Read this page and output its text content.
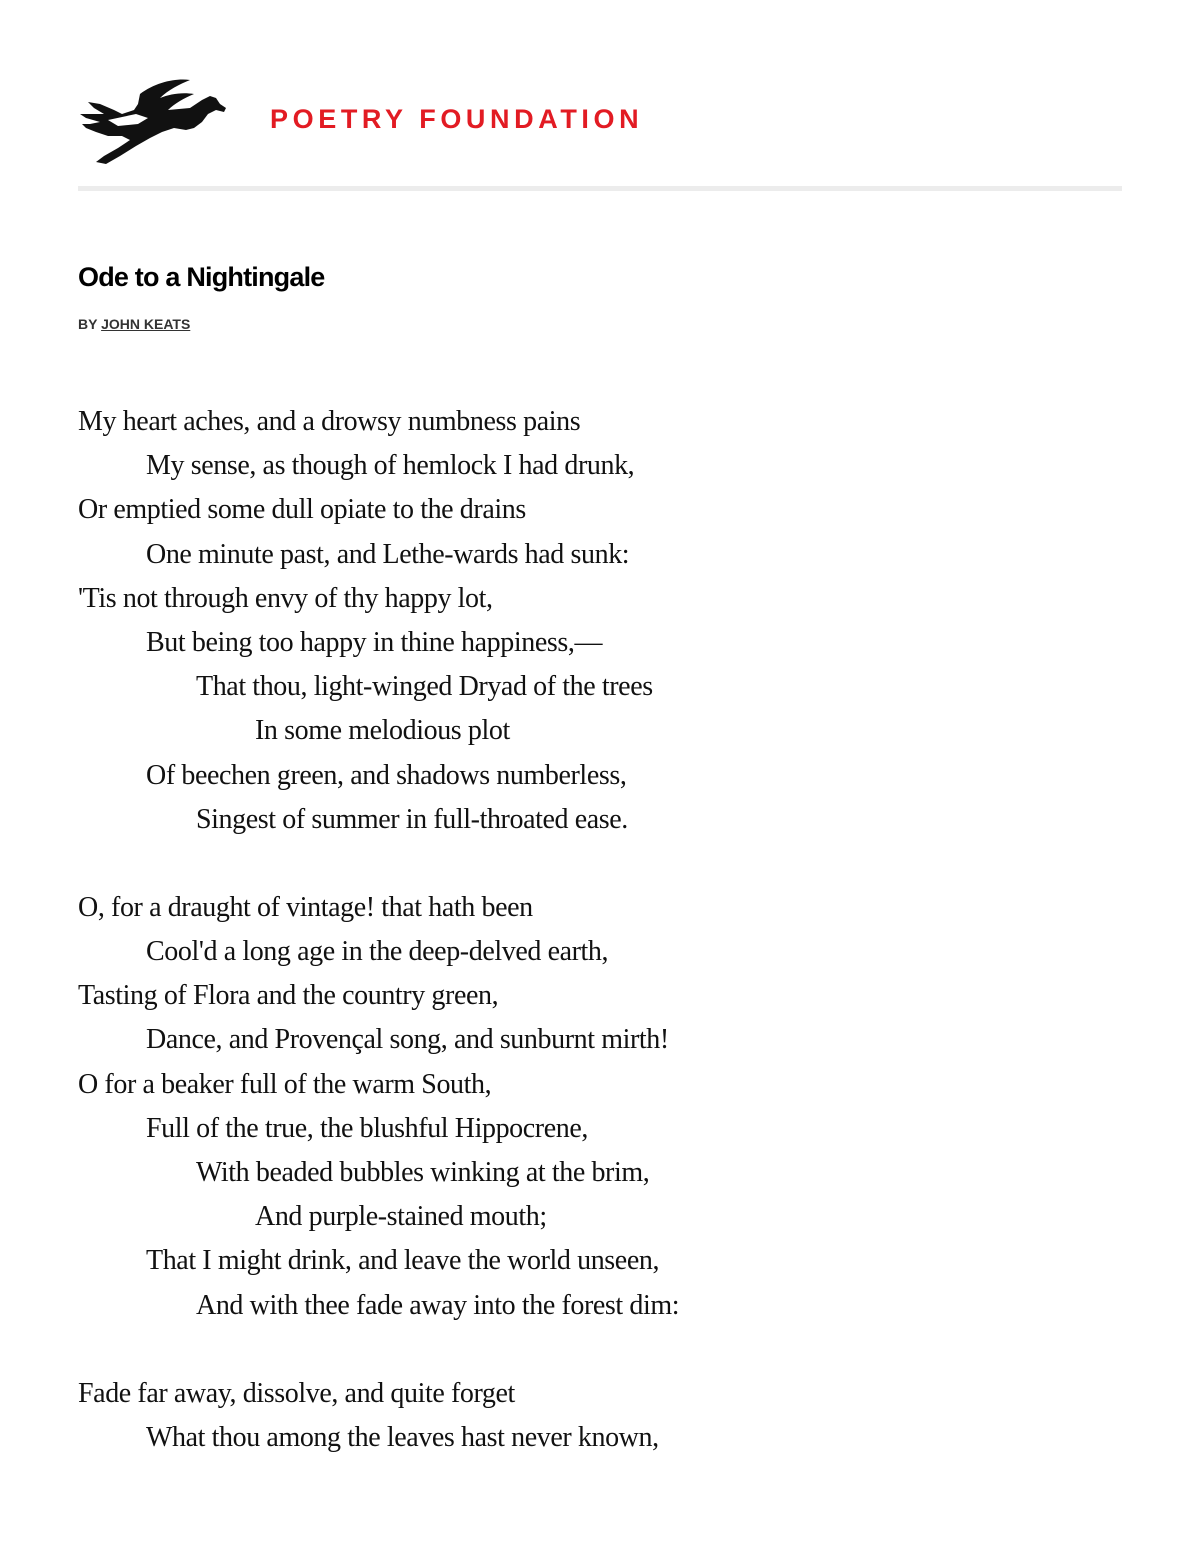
POETRY FOUNDATION
Ode to a Nightingale
BY JOHN KEATS
My heart aches, and a drowsy numbness pains
My sense, as though of hemlock I had drunk,
Or emptied some dull opiate to the drains
One minute past, and Lethe-wards had sunk:
'Tis not through envy of thy happy lot,
But being too happy in thine happiness,—
That thou, light-winged Dryad of the trees
In some melodious plot
Of beechen green, and shadows numberless,
Singest of summer in full-throated ease.
O, for a draught of vintage! that hath been
Cool'd a long age in the deep-delved earth,
Tasting of Flora and the country green,
Dance, and Provençal song, and sunburnt mirth!
O for a beaker full of the warm South,
Full of the true, the blushful Hippocrene,
With beaded bubbles winking at the brim,
And purple-stained mouth;
That I might drink, and leave the world unseen,
And with thee fade away into the forest dim:
Fade far away, dissolve, and quite forget
What thou among the leaves hast never known,
